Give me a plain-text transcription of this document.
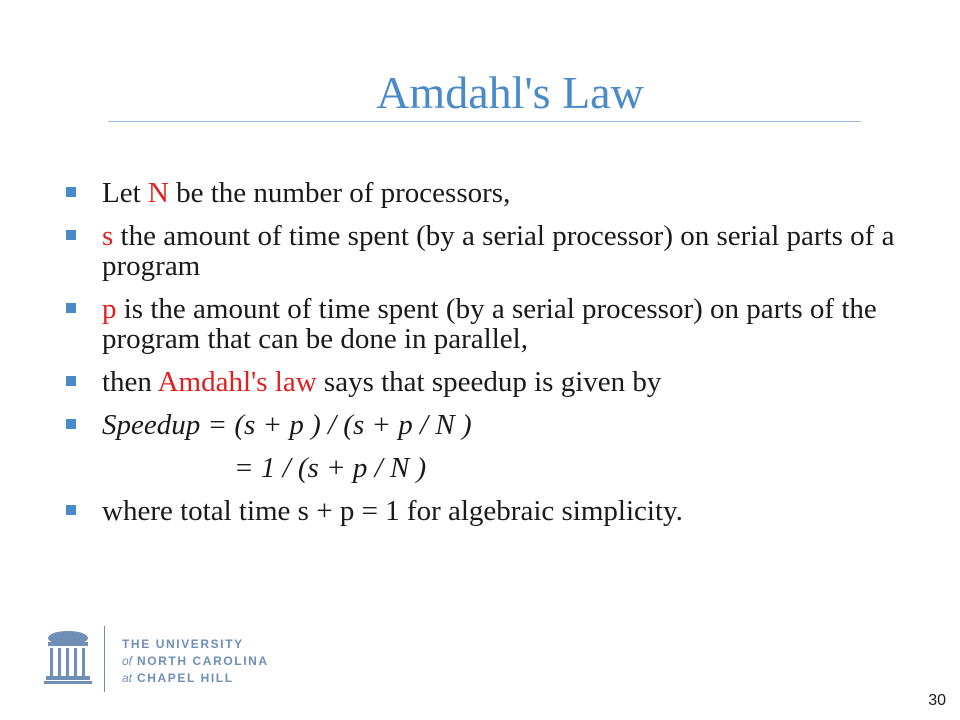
Amdahl's Law
Let N be the number of processors,
s the amount of time spent (by a serial processor) on serial parts of a program
p is the amount of time spent (by a serial processor) on parts of the program that can be done in parallel,
then Amdahl's law says that speedup is given by
Speedup = (s + p ) / (s + p / N )
= 1 / (s + p / N )
where total time s + p = 1 for algebraic simplicity.
THE UNIVERSITY
of NORTH CAROLINA
at CHAPEL HILL
30
